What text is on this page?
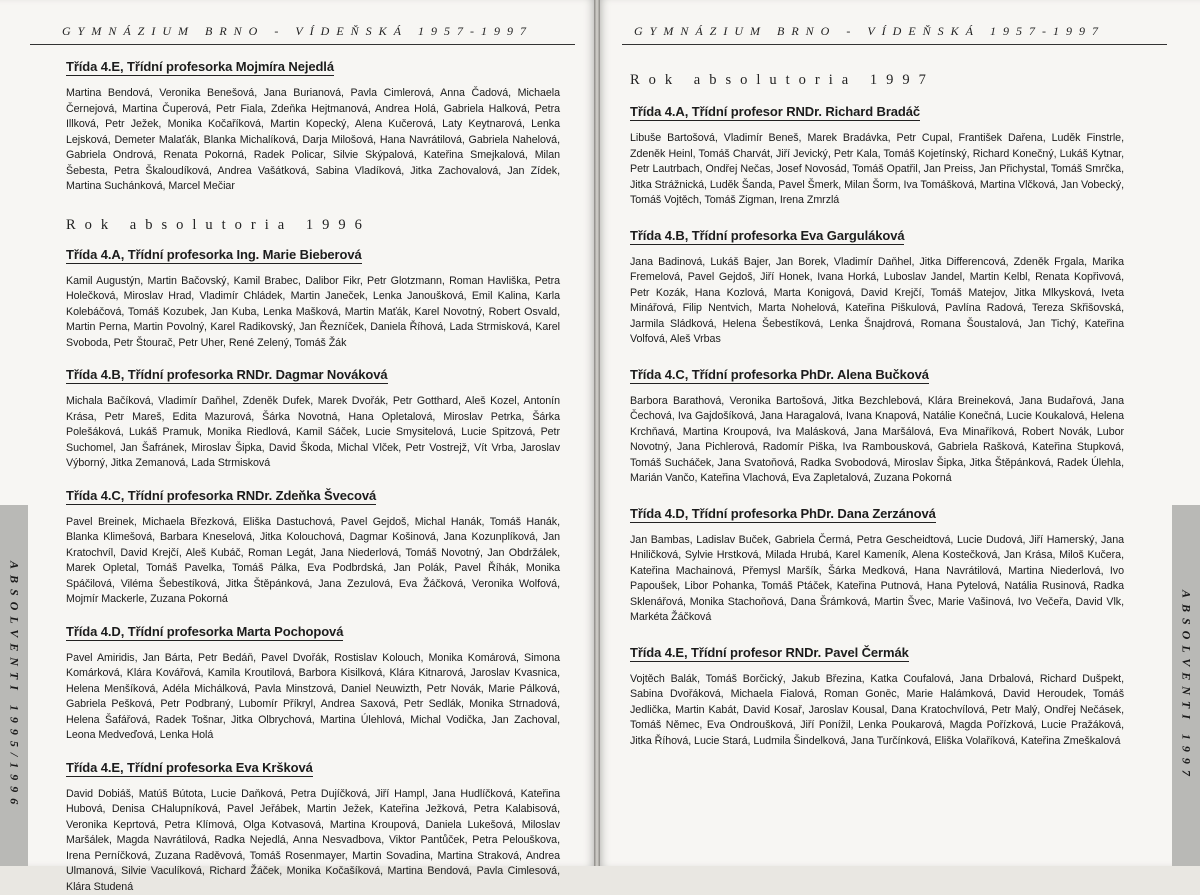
GYMNÁZIUM BRNO - VÍDEŇSKÁ 1957-1997
Třída 4.E, Třídní profesorka Mojmíra Nejedlá

Martina Bendová, Veronika Benešová, Jana Burianová, Pavla Cimlerová, Anna Čadová, Michaela Černejová, Martina Čuperová, Petr Fiala, Zdeňka Hejtmanová, Andrea Holá, Gabriela Halková, Petra Illková, Petr Ježek, Monika Kočaříková, Martin Kopecký, Alena Kučerová, Laty Keytnarová, Lenka Lejsková, Demeter Malaťák, Blanka Michalíková, Darja Milošová, Hana Navrátilová, Gabriela Nahelová, Gabriela Ondrová, Renata Pokorná, Radek Policar, Silvie Skýpalová, Kateřina Smejkalová, Milan Šebesta, Petra Škaloudíková, Andrea Vašátková, Sabina Vladíková, Jitka Zachovalová, Jan Zídek, Martina Suchánková, Marcel Mečiar

Rok absolutoria 1996
Třída 4.A, Třídní profesorka Ing. Marie Bieberová

Kamil Augustýn, Martin Bačovský, Kamil Brabec, Dalibor Fikr, Petr Glotzmann, Roman Havliška, Petra Holečková, Miroslav Hrad, Vladimír Chládek, Martin Janeček, Lenka Janoušková, Emil Kalina, Karla Kolebáčová, Tomáš Kozubek, Jan Kuba, Lenka Mašková, Martin Maťák, Karel Novotný, Robert Osvald, Martin Perna, Martin Povolný, Karel Radikovský, Jan Řezníček, Daniela Říhová, Lada Strmisková, Karel Svoboda, Petr Štourač, Petr Uher, René Zelený, Tomáš Žák

Třída 4.B, Třídní profesorka RNDr. Dagmar Nováková

Michala Bačíková, Vladimír Daňhel, Zdeněk Dufek, Marek Dvořák, Petr Gotthard, Aleš Kozel, Antonín Krása, Petr Mareš, Edita Mazurová, Šárka Novotná, Hana Opletalová, Miroslav Petrka, Šárka Polešáková, Lukáš Pramuk, Monika Riedlová, Kamil Sáček, Lucie Smysitelová, Lucie Spitzová, Petr Suchomel, Jan Šafránek, Miroslav Šipka, David Škoda, Michal Vlček, Petr Vostrejž, Vít Vrba, Jaroslav Výborný, Jitka Zemanová, Lada Strmisková

Třída 4.C, Třídní profesorka RNDr. Zdeňka Švecová

Pavel Breinek, Michaela Březková, Eliška Dastuchová, Pavel Gejdoš, Michal Hanák, Tomáš Hanák, Blanka Klimešová, Barbara Kneselová, Jitka Kolouchová, Dagmar Košinová, Jana Kozunplíková, Jan Kratochvíl, David Krejčí, Aleš Kubáč, Roman Legát, Jana Niederlová, Tomáš Novotný, Jan Obdržálek, Marek Opletal, Tomáš Pavelka, Tomáš Pálka, Eva Podbrdská, Jan Polák, Pavel Říhák, Monika Spáčilová, Viléma Šebestíková, Jitka Štěpánková, Jana Zezulová, Eva Žáčková, Veronika Wolfová, Mojmír Mackerle, Zuzana Pokorná

Třída 4.D, Třídní profesorka Marta Pochopová

Pavel Amiridis, Jan Bárta, Petr Bedáň, Pavel Dvořák, Rostislav Kolouch, Monika Komárová, Simona Komárková, Klára Kovářová, Kamila Kroutilová, Barbora Kisilková, Klára Kitnarová, Jaroslav Kvasnica, Helena Menšíková, Adéla Michálková, Pavla Minstzová, Daniel Neuwizth, Petr Novák, Marie Pálková, Gabriela Pešková, Petr Podbraný, Lubomír Příkryl, Andrea Saxová, Petr Sedlák, Monika Strnadová, Helena Šafářová, Radek Tošnar, Jitka Olbrychová, Martina Úlehlová, Michal Vodička, Jan Zachoval, Leona Medveďová, Lenka Holá

Třída 4.E, Třídní profesorka Eva Kršková

David Dobiáš, Matúš Bútota, Lucie Daňková, Petra Dujíčková, Jiří Hampl, Jana Hudlíčková, Kateřina Hubová, Denisa CHalupníková, Pavel Jeřábek, Martin Ježek, Kateřina Ježková, Petra Kalabisová, Veronika Keprtová, Petra Klímová, Olga Kotvasová, Martina Kroupová, Daniela Lukešová, Miloslav Maršálek, Magda Navrátilová, Radka Nejedlá, Anna Nesvadbova, Viktor Pantůček, Petra Pelouškova, Irena Perníčková, Zuzana Raděvová, Tomáš Rosenmayer, Martin Sovadina, Martina Straková, Andrea Ulmanová, Silvie Vaculíková, Richard Žáček, Monika Kočašíková, Martina Bendová, Pavla Cimlesová, Klára Studená

ABSOLVENTI 1995/1996
GYMNÁZIUM BRNO - VÍDEŇSKÁ 1957-1997
Rok absolutoria 1997
Třída 4.A, Třídní profesor RNDr. Richard Bradáč

Libuše Bartošová, Vladimír Beneš, Marek Bradávka, Petr Cupal, František Dařena, Luděk Finstrle, Zdeněk Heinl, Tomáš Charvát, Jiří Jevický, Petr Kala, Tomáš Kojetínský, Richard Konečný, Lukáš Kytnar, Petr Lautrbach, Ondřej Nečas, Josef Novosád, Tomáš Opatřil, Jan Preiss, Jan Přichystal, Tomáš Smrčka, Jitka Strážnická, Luděk Šanda, Pavel Šmerk, Milan Šorm, Iva Tomášková, Martina Vlčková, Jan Vobecký, Tomáš Vojtěch, Tomáš Zigman, Irena Zmrzlá

Třída 4.B, Třídní profesorka Eva Garguláková

Jana Badinová, Lukáš Bajer, Jan Borek, Vladimír Daňhel, Jitka Differencová, Zdeněk Frgala, Marika Fremelová, Pavel Gejdoš, Jiří Honek, Ivana Horká, Luboslav Jandel, Martin Kelbl, Renata Kopřivová, Petr Kozák, Hana Kozlová, Marta Konigová, David Krejčí, Tomáš Matejov, Jitka Mlkysková, Iveta Minářová, Filip Nentvich, Marta Nohelová, Kateřina Piškulová, Pavlína Radová, Tereza Skřišovská, Jarmila Sládková, Helena Šebestíková, Lenka Šnajdrová, Romana Šoustalová, Jan Tichý, Kateřina Volfová, Aleš Vrbas

Třída 4.C, Třídní profesorka PhDr. Alena Bučková

Barbora Barathová, Veronika Bartošová, Jitka Bezchlebová, Klára Breineková, Jana Budařová, Jana Čechová, Iva Gajdošíková, Jana Haragalová, Ivana Knapová, Natálie Konečná, Lucie Koukalová, Helena Krchňavá, Martina Kroupová, Iva Malásková, Jana Maršálová, Eva Minaříková, Robert Novák, Lubor Novotný, Jana Pichlerová, Radomír Piška, Iva Rambousková, Gabriela Rašková, Kateřina Stupková, Tomáš Sucháček, Jana Svatoňová, Radka Svobodová, Miroslav Šipka, Jitka Štěpánková, Radek Úlehla, Marián Vančo, Kateřina Vlachová, Eva Zapletalová, Zuzana Pokorná

Třída 4.D, Třídní profesorka PhDr. Dana Zerzánová

Jan Bambas, Ladislav Buček, Gabriela Čermá, Petra Gescheidtová, Lucie Dudová, Jiří Hamerský, Jana Hniličková, Sylvie Hrstková, Milada Hrubá, Karel Kameník, Alena Kostečková, Jan Krása, Miloš Kučera, Kateřina Machainová, Přemysl Maršík, Šárka Medková, Hana Navrátilová, Martina Niederlová, Ivo Papoušek, Libor Pohanka, Tomáš Ptáček, Kateřina Putnová, Hana Pytelová, Natália Rusinová, Radka Sklenářová, Monika Stachoňová, Dana Šrámková, Martin Švec, Marie Vašinová, Ivo Večeřa, David Vlk, Markéta Žáčková

Třída 4.E, Třídní profesor RNDr. Pavel Čermák

Vojtěch Balák, Tomáš Borčický, Jakub Březina, Katka Coufalová, Jana Drbalová, Richard Dušpekt, Sabina Dvořáková, Michaela Fialová, Roman Gonēc, Marie Halámková, David Heroudek, Tomáš Jedlička, Martin Kabát, David Kosař, Jaroslav Kousal, Dana Kratochvílová, Petr Malý, Ondřej Nečásek, Tomáš Němec, Eva Ondroušková, Jiří Ponížil, Lenka Poukarová, Magda Pořízková, Lucie Pražáková, Jitka Říhová, Lucie Stará, Ludmila Šindelková, Jana Turčínková, Eliška Volaříková, Kateřina Zmeškalová	ABSOLVENTI 1997
